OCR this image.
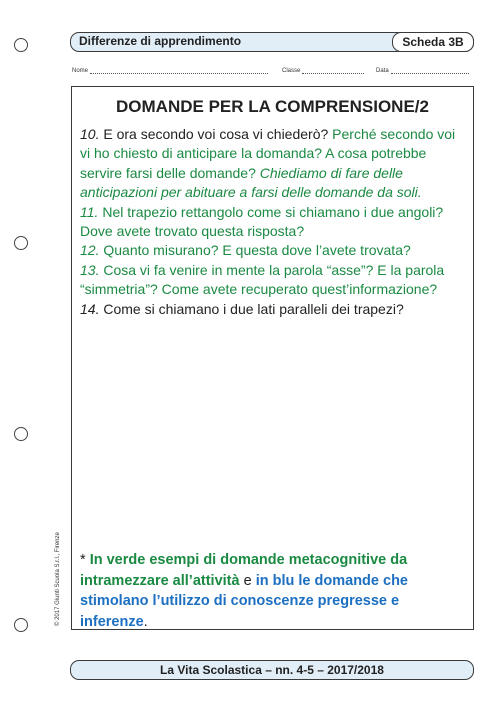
Differenze di apprendimento	Scheda 3B
Nome	Classe	Data
DOMANDE PER LA COMPRENSIONE/2

10. E ora secondo voi cosa vi chiederò? Perché secondo voi vi ho chiesto di anticipare la domanda? A cosa potrebbe servire farsi delle domande? Chiediamo di fare delle anticipazioni per abituare a farsi delle domande da soli.

11. Nel trapezio rettangolo come si chiamano i due angoli? Dove avete trovato questa risposta?

12. Quanto misurano? E questa dove l’avete trovata?

13. Cosa vi fa venire in mente la parola “asse”? E la parola “simmetria”? Come avete recuperato quest’informazione?

14. Come si chiamano i due lati paralleli dei trapezi?

* In verde esempi di domande metacognitive da intramezzare all’attività e in blu le domande che stimolano l’utilizzo di conoscenze pregresse e inferenze.
© 2017 Giunti Scuola S.r.l., Firenze
La Vita Scolastica – nn. 4-5 – 2017/2018
